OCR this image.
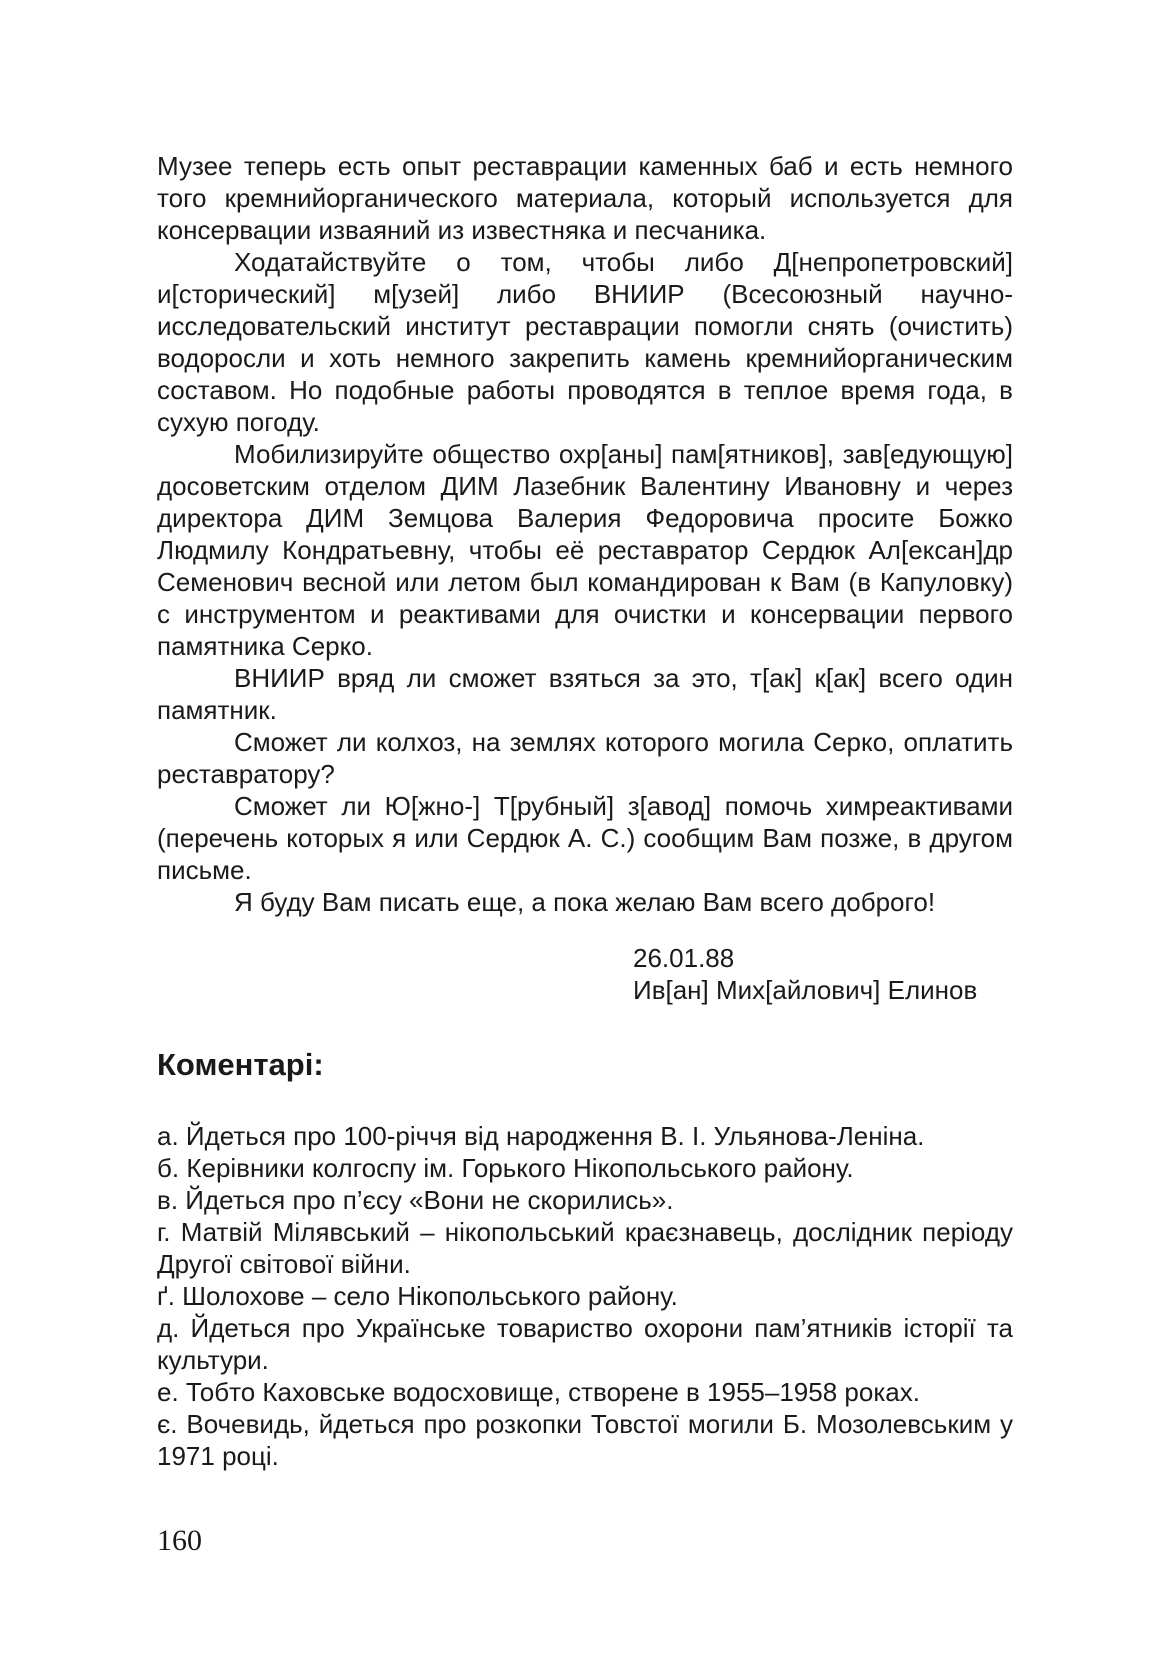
Музее теперь есть опыт реставрации каменных баб и есть немного того кремнийорганического материала, который используется для консервации изваяний из известняка и песчаника.

Ходатайствуйте о том, чтобы либо Д[непропетровский] и[сторический] м[узей] либо ВНИИР (Всесоюзный научно-исследовательский институт реставрации помогли снять (очистить) водоросли и хоть немного закрепить камень кремнийорганическим составом. Но подобные работы проводятся в теплое время года, в сухую погоду.

Мобилизируйте общество охр[аны] пам[ятников], зав[едующую] досоветским отделом ДИМ Лазебник Валентину Ивановну и через директора ДИМ Земцова Валерия Федоровича просите Божко Людмилу Кондратьевну, чтобы её реставратор Сердюк Ал[ексан]др Семенович весной или летом был командирован к Вам (в Капуловку) с инструментом и реактивами для очистки и консервации первого памятника Серко.

ВНИИР вряд ли сможет взяться за это, т[ак] к[ак] всего один памятник.

Сможет ли колхоз, на землях которого могила Серко, оплатить реставратору?

Сможет ли Ю[жно-] Т[рубный] з[авод] помочь химреактивами (перечень которых я или Сердюк А. С.) сообщим Вам позже, в другом письме.

Я буду Вам писать еще, а пока желаю Вам всего доброго!

26.01.88
Ив[ан] Мих[айлович] Елинов
Коментарі:

а. Йдеться про 100-річчя від народження В. І. Ульянова-Леніна.

б. Керівники колгоспу ім. Горького Нікопольського району.

в. Йдеться про п’єсу «Вони не скорились».

г. Матвій Мілявський – нікопольський краєзнавець, дослідник періоду Другої світової війни.

ґ. Шолохове – село Нікопольського району.

д. Йдеться про Українське товариство охорони пам’ятників історії та культури.

е. Тобто Каховське водосховище, створене в 1955–1958 роках.

є. Вочевидь, йдеться про розкопки Товстої могили Б. Мозолевським у 1971 році.

160
